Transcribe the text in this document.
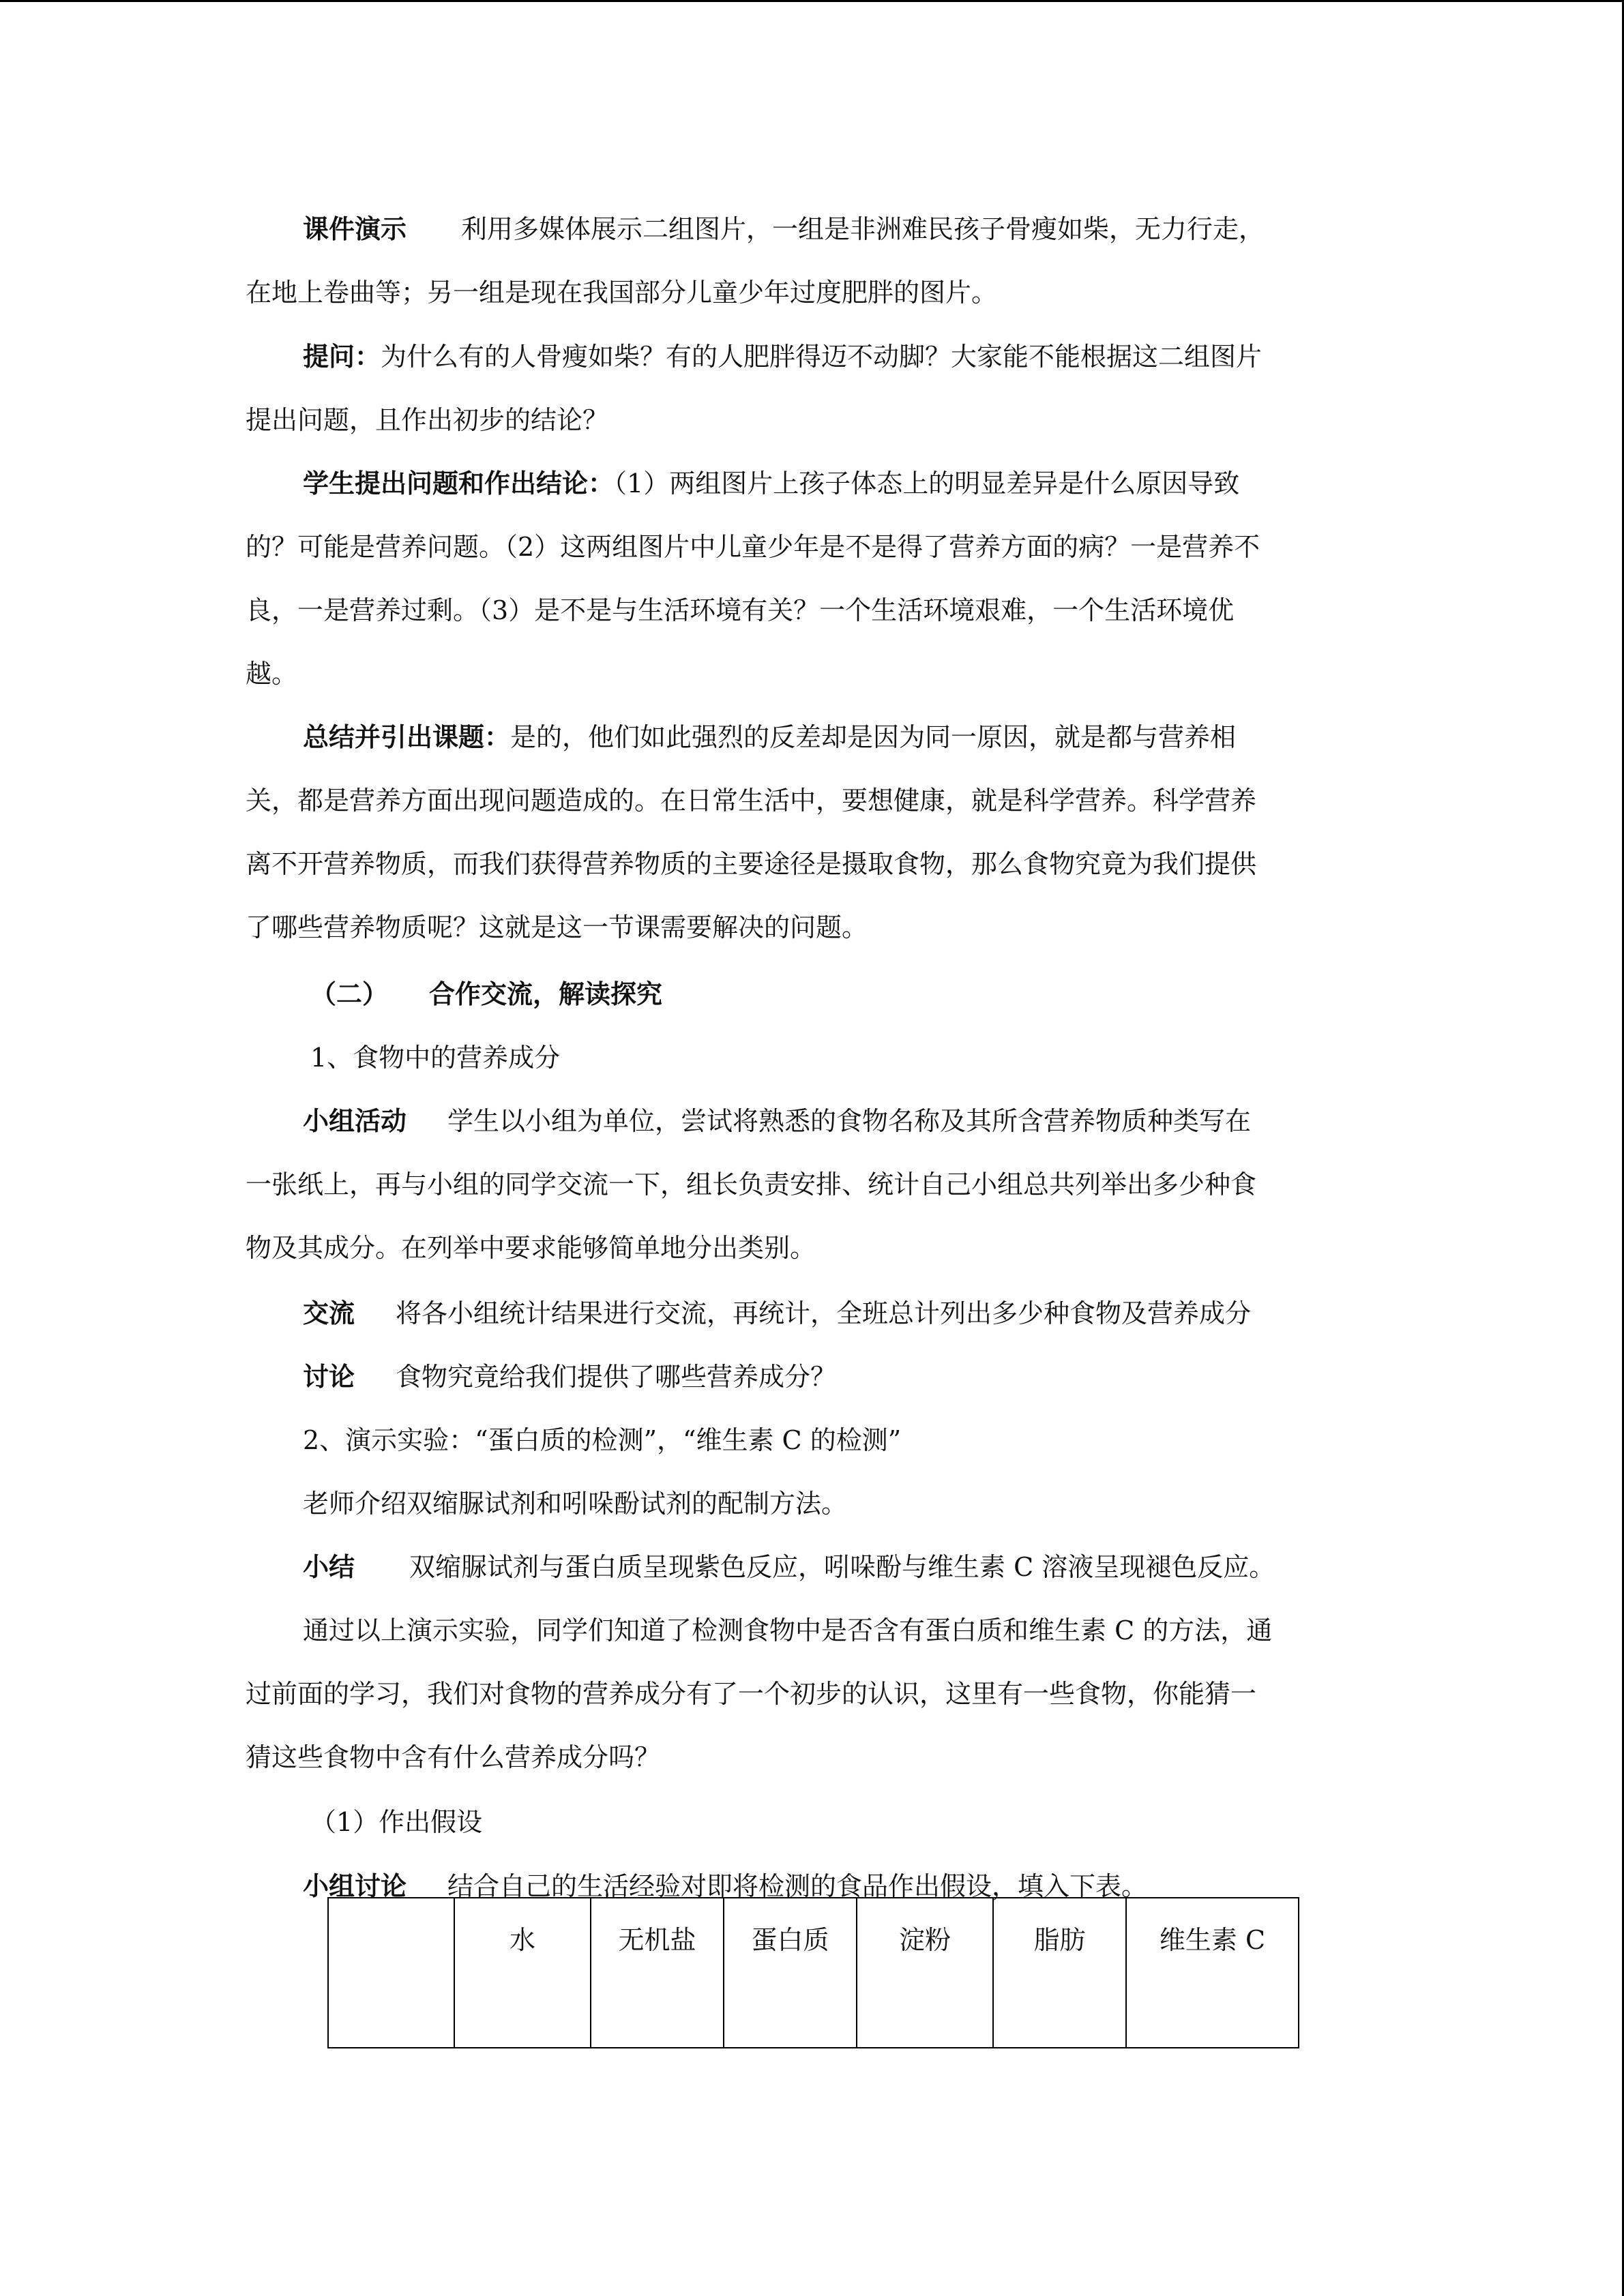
课件演示 利用多媒体展示二组图片，一组是非洲难民孩子骨瘦如柴，无力行走，
在地上卷曲等；另一组是现在我国部分儿童少年过度肥胖的图片。
提问：为什么有的人骨瘦如柴？有的人肥胖得迈不动脚？大家能不能根据这二组图片
提出问题，且作出初步的结论？
学生提出问题和作出结论：（1）两组图片上孩子体态上的明显差异是什么原因导致
的？可能是营养问题。（2）这两组图片中儿童少年是不是得了营养方面的病？一是营养不
良，一是营养过剩。（3）是不是与生活环境有关？一个生活环境艰难，一个生活环境优
越。
总结并引出课题：是的，他们如此强烈的反差却是因为同一原因，就是都与营养相
关，都是营养方面出现问题造成的。在日常生活中，要想健康，就是科学营养。科学营养
离不开营养物质，而我们获得营养物质的主要途径是摄取食物，那么食物究竟为我们提供
了哪些营养物质呢？这就是这一节课需要解决的问题。
（二） 合作交流，解读探究
1、食物中的营养成分
小组活动 学生以小组为单位，尝试将熟悉的食物名称及其所含营养物质种类写在
一张纸上，再与小组的同学交流一下，组长负责安排、统计自己小组总共列举出多少种食
物及其成分。在列举中要求能够简单地分出类别。
交流 将各小组统计结果进行交流，再统计，全班总计列出多少种食物及营养成分
讨论 食物究竟给我们提供了哪些营养成分？
2、演示实验：“蛋白质的检测”，“维生素 C 的检测”
老师介绍双缩脲试剂和吲哚酚试剂的配制方法。
小结 双缩脲试剂与蛋白质呈现紫色反应，吲哚酚与维生素 C 溶液呈现褪色反应。
通过以上演示实验，同学们知道了检测食物中是否含有蛋白质和维生素 C 的方法，通
过前面的学习，我们对食物的营养成分有了一个初步的认识，这里有一些食物，你能猜一
猜这些食物中含有什么营养成分吗？
（1）作出假设
小组讨论 结合自己的生活经验对即将检测的食品作出假设，填入下表。
	水	无机盐	蛋白质	淀粉	脂肪	维生素 C
